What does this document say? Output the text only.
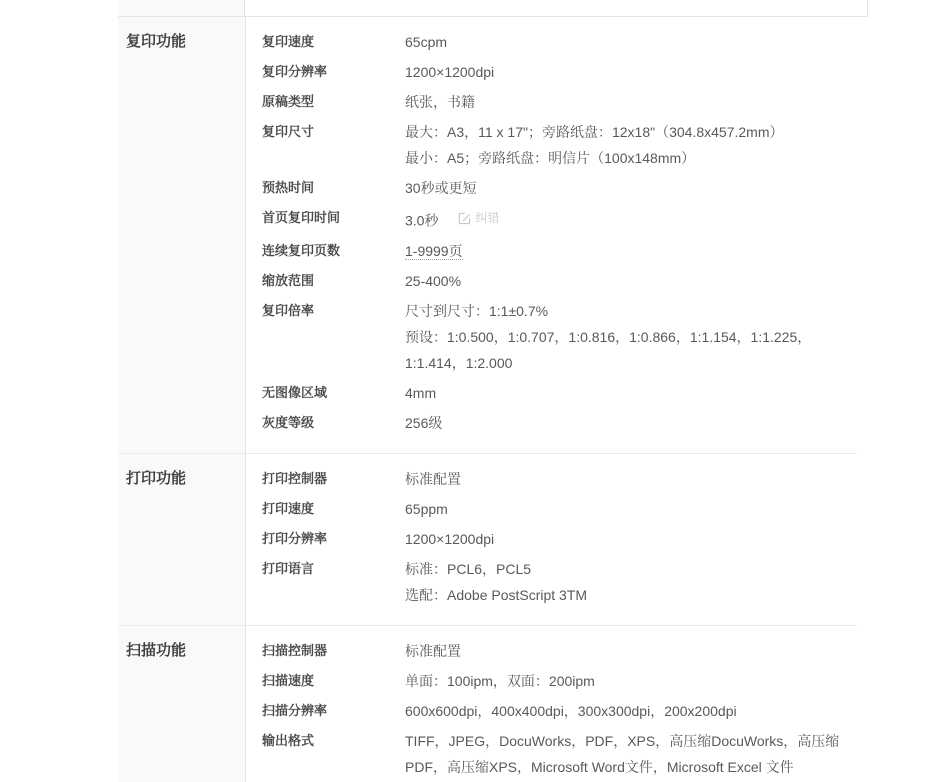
复印功能	复印速度	65cpm
复印分辨率	1200×1200dpi
原稿类型	纸张，书籍
复印尺寸	最大：A3，11 x 17"；旁路纸盘：12x18"（304.8x457.2mm）
最小：A5；旁路纸盘：明信片（100x148mm）
预热时间	30秒或更短
首页复印时间	3.0秒	纠错
连续复印页数	1-9999页
缩放范围	25-400%
复印倍率	尺寸到尺寸：1:1±0.7%
预设：1:0.500，1:0.707，1:0.816，1:0.866，1:1.154，1:1.225，
1:1.414，1:2.000
无图像区域	4mm
灰度等级	256级
打印功能	打印控制器	标准配置
打印速度	65ppm
打印分辨率	1200×1200dpi
打印语言	标准：PCL6，PCL5
选配：Adobe PostScript 3TM
扫描功能	扫描控制器	标准配置
扫描速度	单面：100ipm，双面：200ipm
扫描分辨率	600x600dpi，400x400dpi，300x300dpi，200x200dpi
输出格式	TIFF，JPEG，DocuWorks，PDF，XPS，高压缩DocuWorks，高压缩
PDF，高压缩XPS，Microsoft Word文件，Microsoft Excel 文件
